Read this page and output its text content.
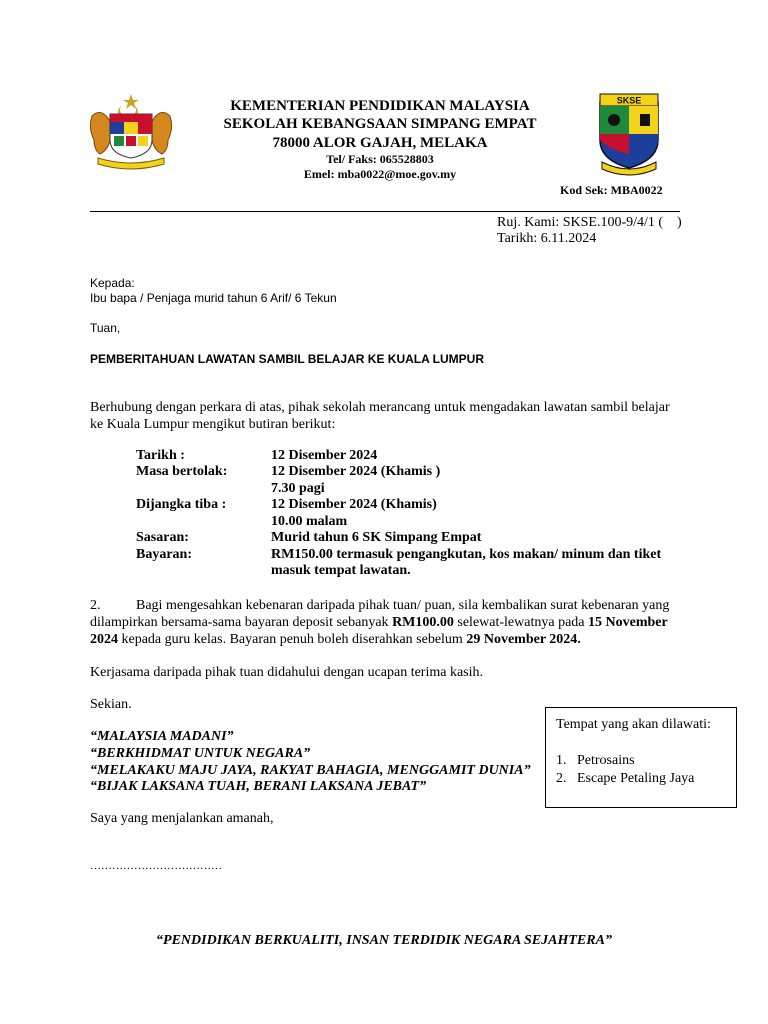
KEMENTERIAN PENDIDIKAN MALAYSIA
SEKOLAH KEBANGSAAN SIMPANG EMPAT
78000 ALOR GAJAH, MELAKA
Tel/ Faks: 065528803
Emel: mba0022@moe.gov.my
SKSE
Kod Sek: MBA0022
Ruj. Kami: SKSE.100-9/4/1 (    )
Tarikh: 6.11.2024
Kepada:
Ibu bapa / Penjaga murid tahun 6 Arif/ 6 Tekun
Tuan,
PEMBERITAHUAN LAWATAN SAMBIL BELAJAR KE KUALA LUMPUR
Berhubung dengan perkara di atas, pihak sekolah merancang untuk mengadakan lawatan sambil belajar
ke Kuala Lumpur mengikut butiran berikut:
Tarikh :	12 Disember 2024
Masa bertolak:	12 Disember 2024 (Khamis )
7.30 pagi
Dijangka tiba :	12 Disember 2024 (Khamis)
10.00 malam
Sasaran:	Murid tahun 6 SK Simpang Empat
Bayaran:	RM150.00 termasuk pengangkutan, kos makan/ minum dan tiket
masuk tempat lawatan.
2.	Bagi mengesahkan kebenaran daripada pihak tuan/ puan, sila kembalikan surat kebenaran yang
dilampirkan bersama-sama bayaran deposit sebanyak RM100.00 selewat-lewatnya pada 15 November
2024 kepada guru kelas. Bayaran penuh boleh diserahkan sebelum 29 November 2024.
Kerjasama daripada pihak tuan didahului dengan ucapan terima kasih.
Sekian.
“MALAYSIA MADANI”
“BERKHIDMAT UNTUK NEGARA”
“MELAKAKU MAJU JAYA, RAKYAT BAHAGIA, MENGGAMIT DUNIA”
“BIJAK LAKSANA TUAH, BERANI LAKSANA JEBAT”
Tempat yang akan dilawati:
1. Petrosains
2. Escape Petaling Jaya
Saya yang menjalankan amanah,
………………………………
“PENDIDIKAN BERKUALITI, INSAN TERDIDIK NEGARA SEJAHTERA”
